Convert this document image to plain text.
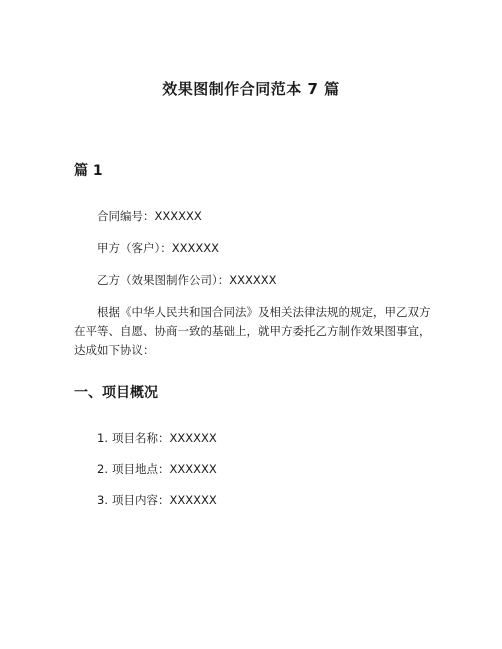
效果图制作合同范本 7 篇
篇 1
合同编号：XXXXXX
甲方（客户）：XXXXXX
乙方（效果图制作公司）：XXXXXX
根据《中华人民共和国合同法》及相关法律法规的规定，甲乙双方
在平等、自愿、协商一致的基础上，就甲方委托乙方制作效果图事宜，
达成如下协议：
一、项目概况
1. 项目名称：XXXXXX
2. 项目地点：XXXXXX
3. 项目内容：XXXXXX
